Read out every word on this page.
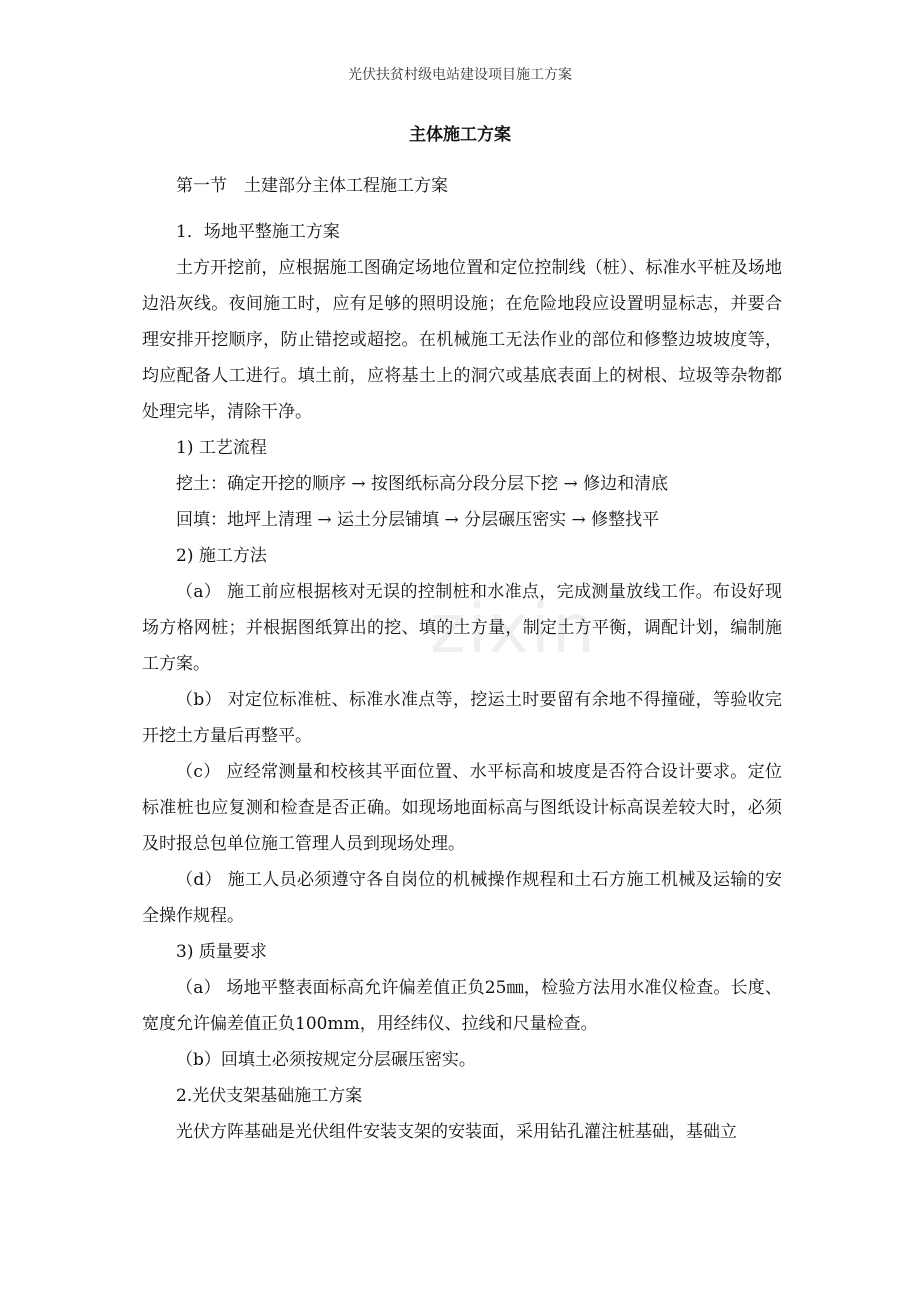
光伏扶贫村级电站建设项目施工方案
主体施工方案

第一节　土建部分主体工程施工方案

1．场地平整施工方案

土方开挖前，应根据施工图确定场地位置和定位控制线（桩）、标准水平桩及场地边沿灰线。夜间施工时，应有足够的照明设施；在危险地段应设置明显标志，并要合理安排开挖顺序，防止错挖或超挖。在机械施工无法作业的部位和修整边坡坡度等，均应配备人工进行。填土前，应将基土上的洞穴或基底表面上的树根、垃圾等杂物都处理完毕，清除干净。

1) 工艺流程

挖土：确定开挖的顺序 → 按图纸标高分段分层下挖 → 修边和清底

回填：地坪上清理 → 运土分层铺填 → 分层碾压密实 → 修整找平

2) 施工方法

（a） 施工前应根据核对无误的控制桩和水准点，完成测量放线工作。布设好现场方格网桩；并根据图纸算出的挖、填的土方量，制定土方平衡，调配计划，编制施工方案。

（b） 对定位标准桩、标准水准点等，挖运土时要留有余地不得撞碰，等验收完开挖土方量后再整平。

（c） 应经常测量和校核其平面位置、水平标高和坡度是否符合设计要求。定位标准桩也应复测和检查是否正确。如现场地面标高与图纸设计标高误差较大时，必须及时报总包单位施工管理人员到现场处理。

（d） 施工人员必须遵守各自岗位的机械操作规程和土石方施工机械及运输的安全操作规程。

3) 质量要求

（a） 场地平整表面标高允许偏差值正负25㎜，检验方法用水准仪检查。长度、宽度允许偏差值正负100mm，用经纬仪、拉线和尺量检查。

（b）回填土必须按规定分层碾压密实。

2.光伏支架基础施工方案

光伏方阵基础是光伏组件安装支架的安装面，采用钻孔灌注桩基础，基础立

zixin
